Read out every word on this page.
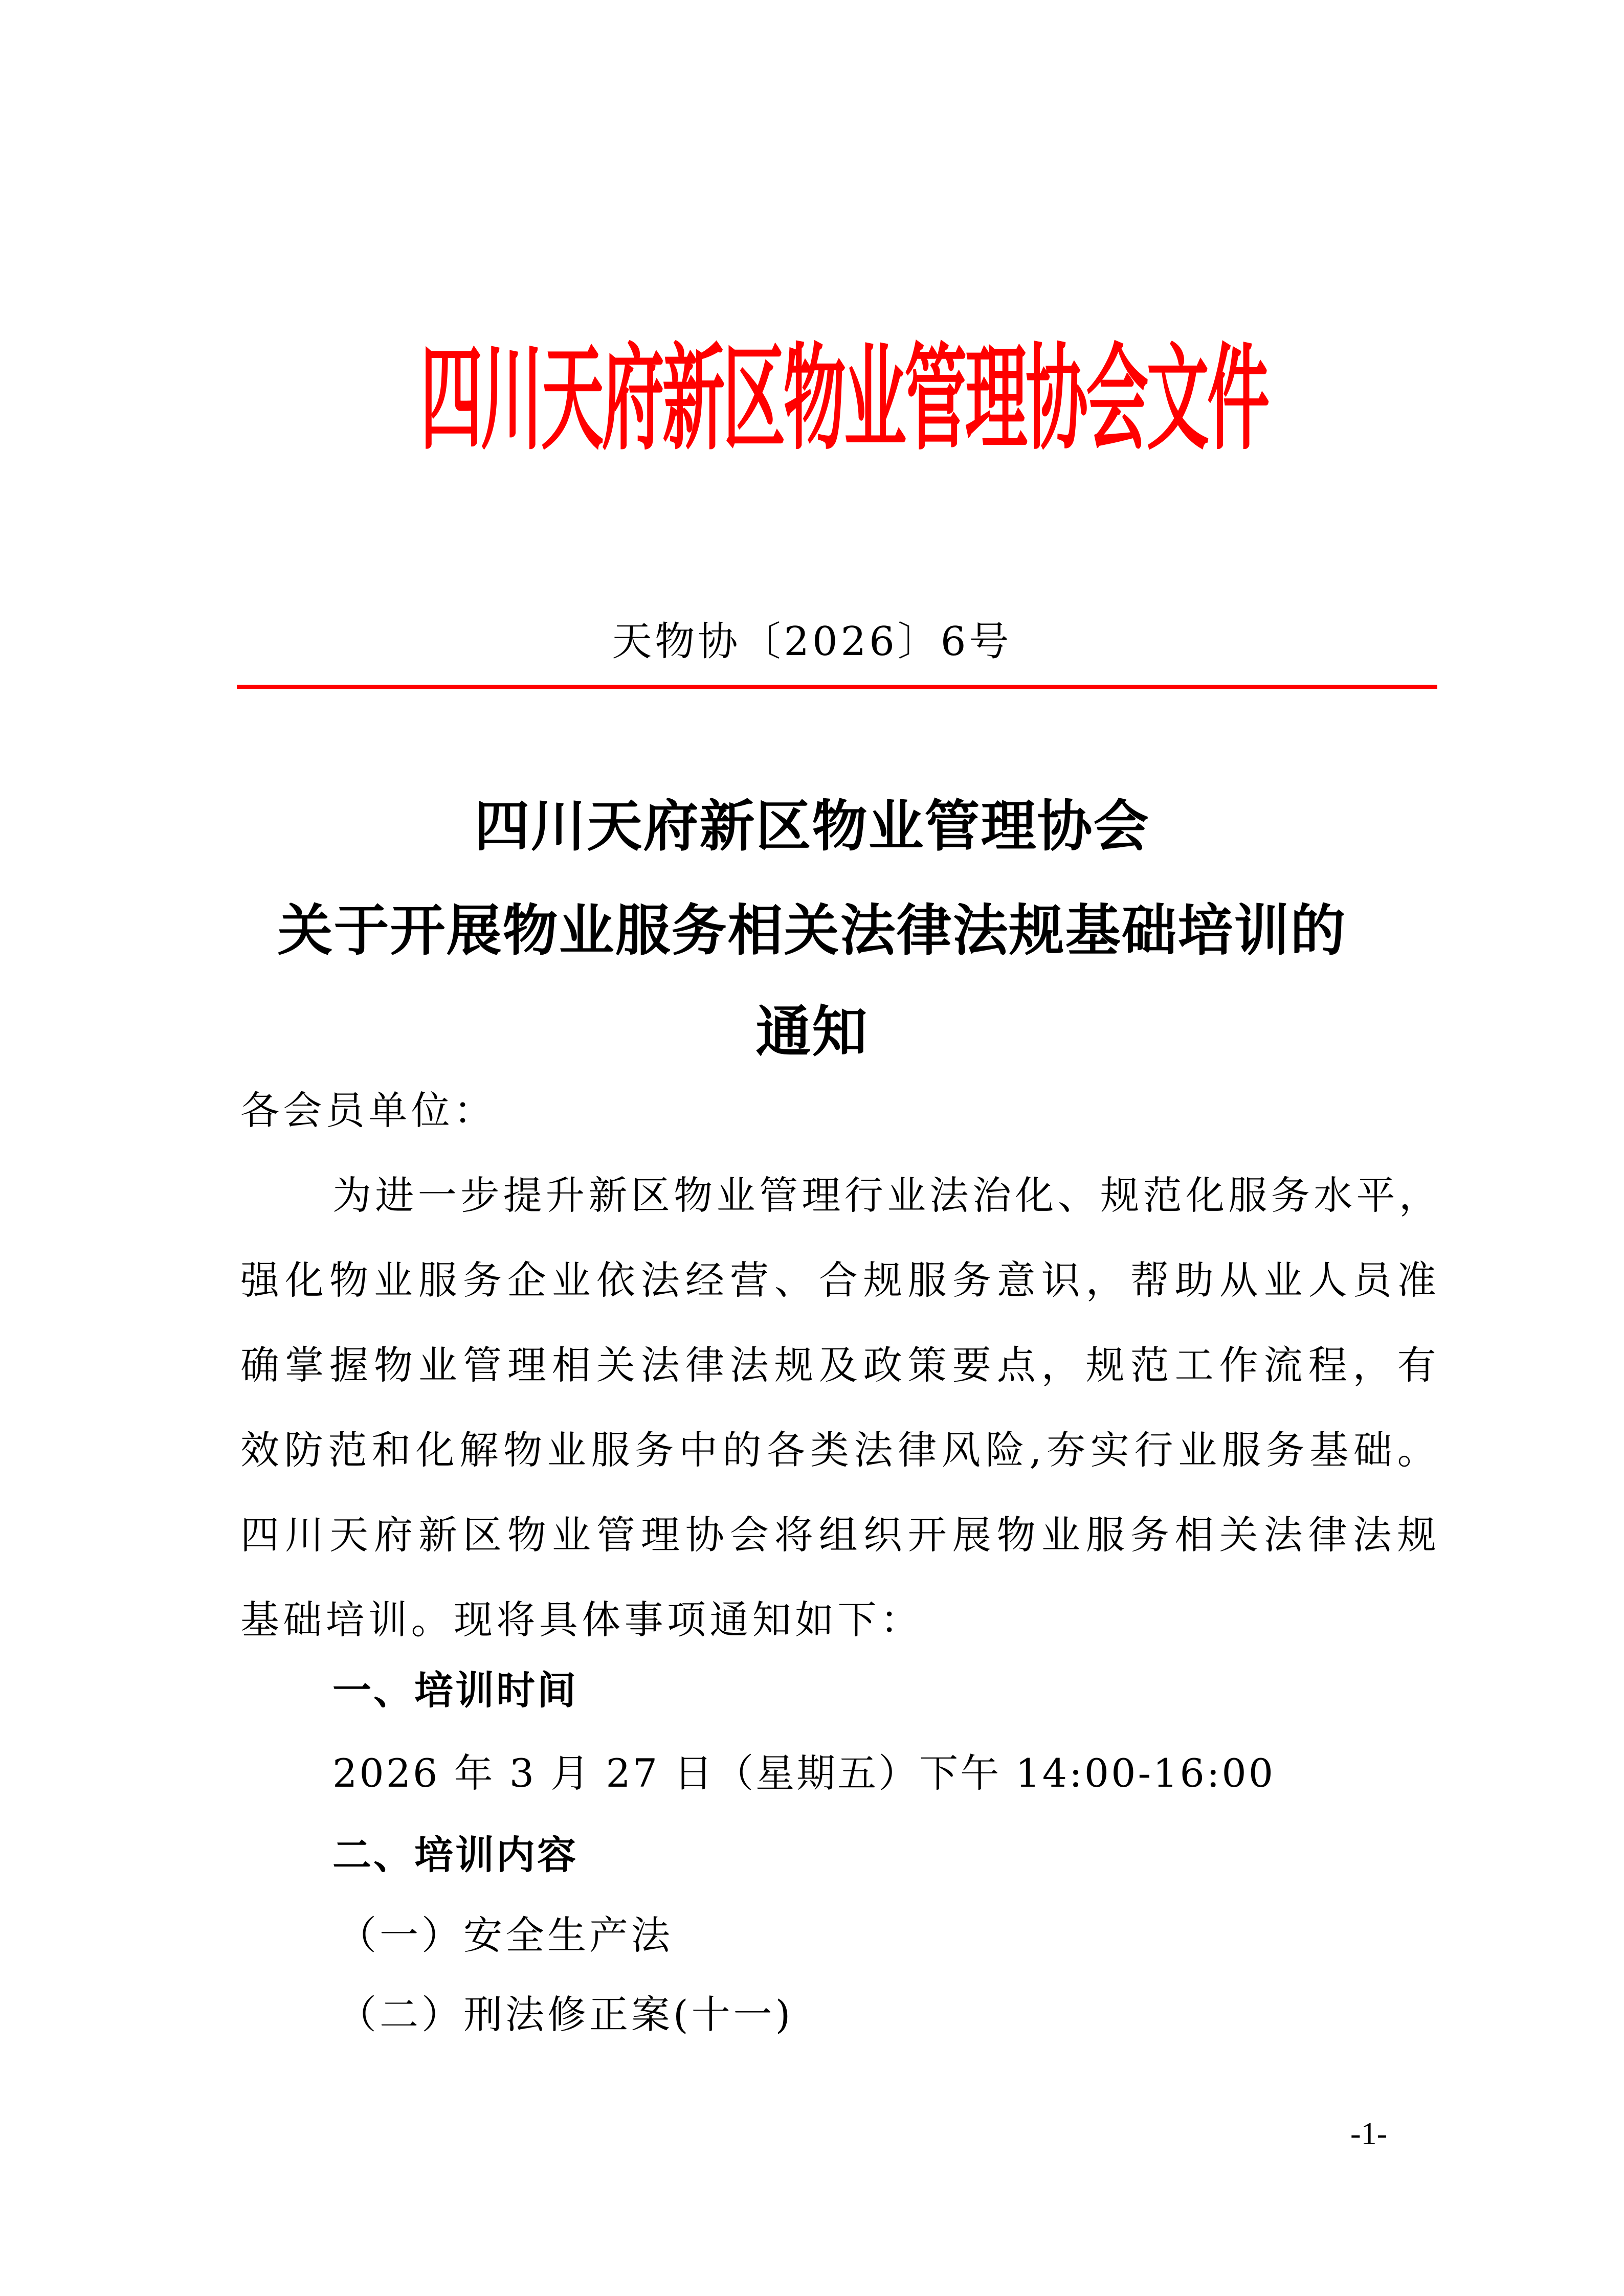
四川天府新区物业管理协会文件
天物协〔2026〕6号
四川天府新区物业管理协会
关于开展物业服务相关法律法规基础培训的
通知
各会员单位：
为进一步提升新区物业管理行业法治化、规范化服务水平，
强化物业服务企业依法经营、合规服务意识，帮助从业人员准
确掌握物业管理相关法律法规及政策要点，规范工作流程，有
效防范和化解物业服务中的各类法律风险,夯实行业服务基础。
四川天府新区物业管理协会将组织开展物业服务相关法律法规
基础培训。现将具体事项通知如下：
一、培训时间
2026 年 3 月 27 日（星期五）下午 14:00-16:00
二、培训内容
（一）安全生产法
（二）刑法修正案(十一)
-1-
